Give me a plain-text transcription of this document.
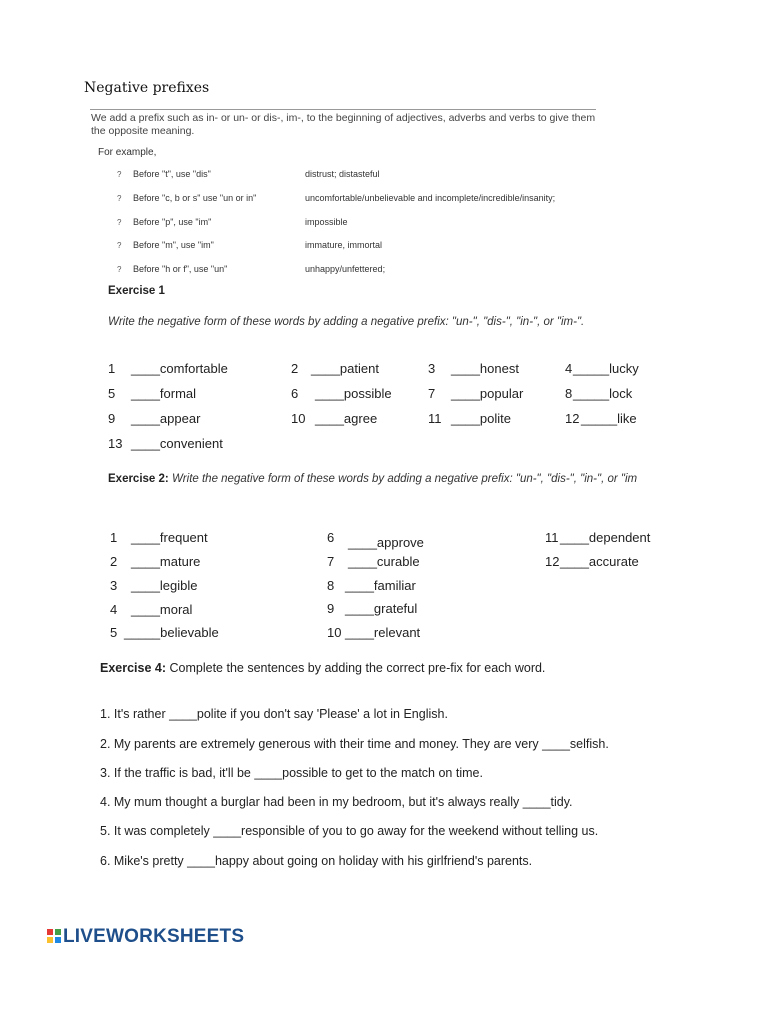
Negative prefixes
We add a prefix such as in- or un- or dis-, im-, to the beginning of adjectives, adverbs and verbs to give them the opposite meaning.
For example,
? Before "t", use "dis"	distrust; distasteful
? Before "c, b or s" use "un or in"	uncomfortable/unbelievable and incomplete/incredible/insanity;
? Before "p", use "im"	impossible
? Before "m", use "im"	immature, immortal
? Before "h or f", use "un"	unhappy/unfettered;
Exercise 1
Write the negative form of these words by adding a negative prefix: "un-", "dis-", "in-", or "im-".
1 ____comfortable	2 ____patient	3 ____honest	4 _____lucky
5 ____formal	6 ____possible	7 ____popular	8 _____lock
9 ____appear	10 ____agree	11 ____polite	12 _____like
13 ____convenient
Exercise 2: Write the negative form of these words by adding a negative prefix: "un-", "dis-", "in-", or "im
1 ____frequent
2 ____mature
3 ____legible
4 ____moral
5 _____believable
6 ____approve
7 ____curable
8 ____familiar
9 ____grateful
10 ____relevant
11 ____dependent
12 ____accurate
Exercise 4: Complete the sentences by adding the correct pre-fix for each word.
1. It's rather ____polite if you don't say 'Please' a lot in English.
2. My parents are extremely generous with their time and money. They are very ____selfish.
3. If the traffic is bad, it'll be ____possible to get to the match on time.
4. My mum thought a burglar had been in my bedroom, but it's always really ____tidy.
5. It was completely ____responsible of you to go away for the weekend without telling us.
6. Mike's pretty ____happy about going on holiday with his girlfriend's parents.
LIVEWORKSHEETS
